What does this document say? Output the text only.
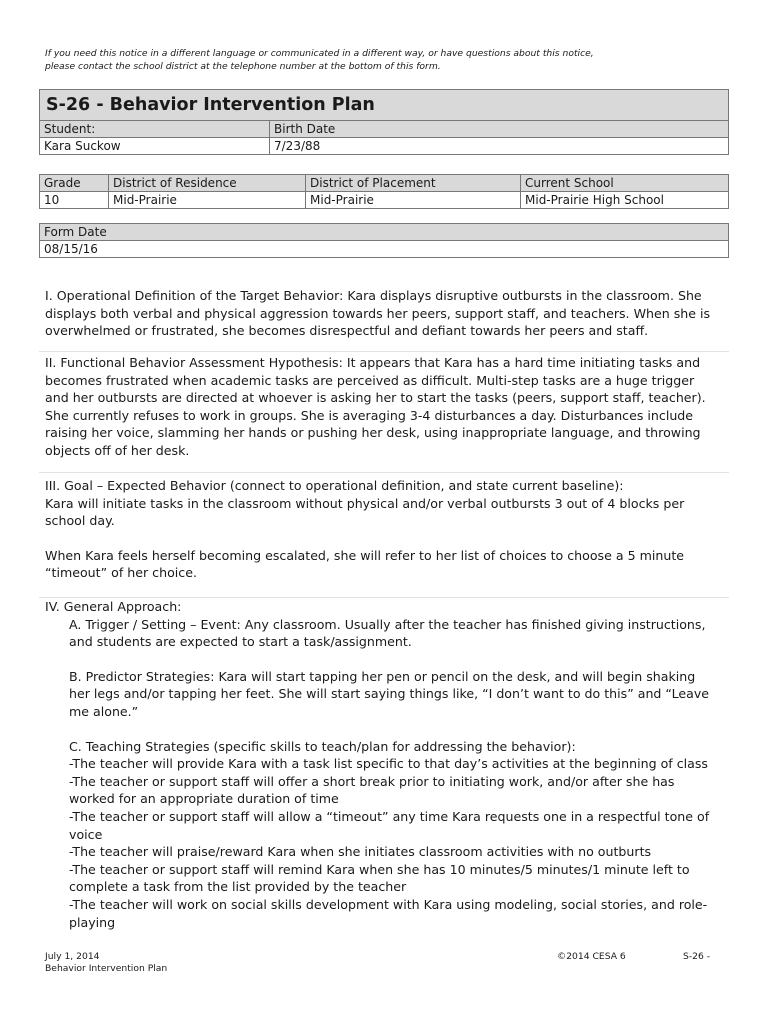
If you need this notice in a different language or communicated in a different way, or have questions about this notice,
please contact the school district at the telephone number at the bottom of this form.
S-26 - Behavior Intervention Plan	
Student:	Birth Date
Kara Suckow	7/23/88
Grade	District of Residence	District of Placement	Current School
10	Mid-Prairie	Mid-Prairie	Mid-Prairie High School
Form Date
08/15/16
I. Operational Definition of the Target Behavior: Kara displays disruptive outbursts in the classroom. She
displays both verbal and physical aggression towards her peers, support staff, and teachers. When she is
overwhelmed or frustrated, she becomes disrespectful and defiant towards her peers and staff.
II. Functional Behavior Assessment Hypothesis: It appears that Kara has a hard time initiating tasks and
becomes frustrated when academic tasks are perceived as difficult. Multi-step tasks are a huge trigger
and her outbursts are directed at whoever is asking her to start the tasks (peers, support staff, teacher).
She currently refuses to work in groups. She is averaging 3-4 disturbances a day. Disturbances include
raising her voice, slamming her hands or pushing her desk, using inappropriate language, and throwing
objects off of her desk.
III. Goal – Expected Behavior (connect to operational definition, and state current baseline):
Kara will initiate tasks in the classroom without physical and/or verbal outbursts 3 out of 4 blocks per
school day.
When Kara feels herself becoming escalated, she will refer to her list of choices to choose a 5 minute
“timeout” of her choice.
IV. General Approach:
A. Trigger / Setting – Event: Any classroom. Usually after the teacher has finished giving instructions,
and students are expected to start a task/assignment.
B. Predictor Strategies: Kara will start tapping her pen or pencil on the desk, and will begin shaking
her legs and/or tapping her feet. She will start saying things like, “I don’t want to do this” and “Leave
me alone.”
C. Teaching Strategies (specific skills to teach/plan for addressing the behavior):
-The teacher will provide Kara with a task list specific to that day’s activities at the beginning of class
-The teacher or support staff will offer a short break prior to initiating work, and/or after she has
worked for an appropriate duration of time
-The teacher or support staff will allow a “timeout” any time Kara requests one in a respectful tone of
voice
-The teacher will praise/reward Kara when she initiates classroom activities with no outburts
-The teacher or support staff will remind Kara when she has 10 minutes/5 minutes/1 minute left to
complete a task from the list provided by the teacher
-The teacher will work on social skills development with Kara using modeling, social stories, and role-
playing
July 1, 2014
Behavior Intervention Plan
©2014 CESA 6	S-26 -
